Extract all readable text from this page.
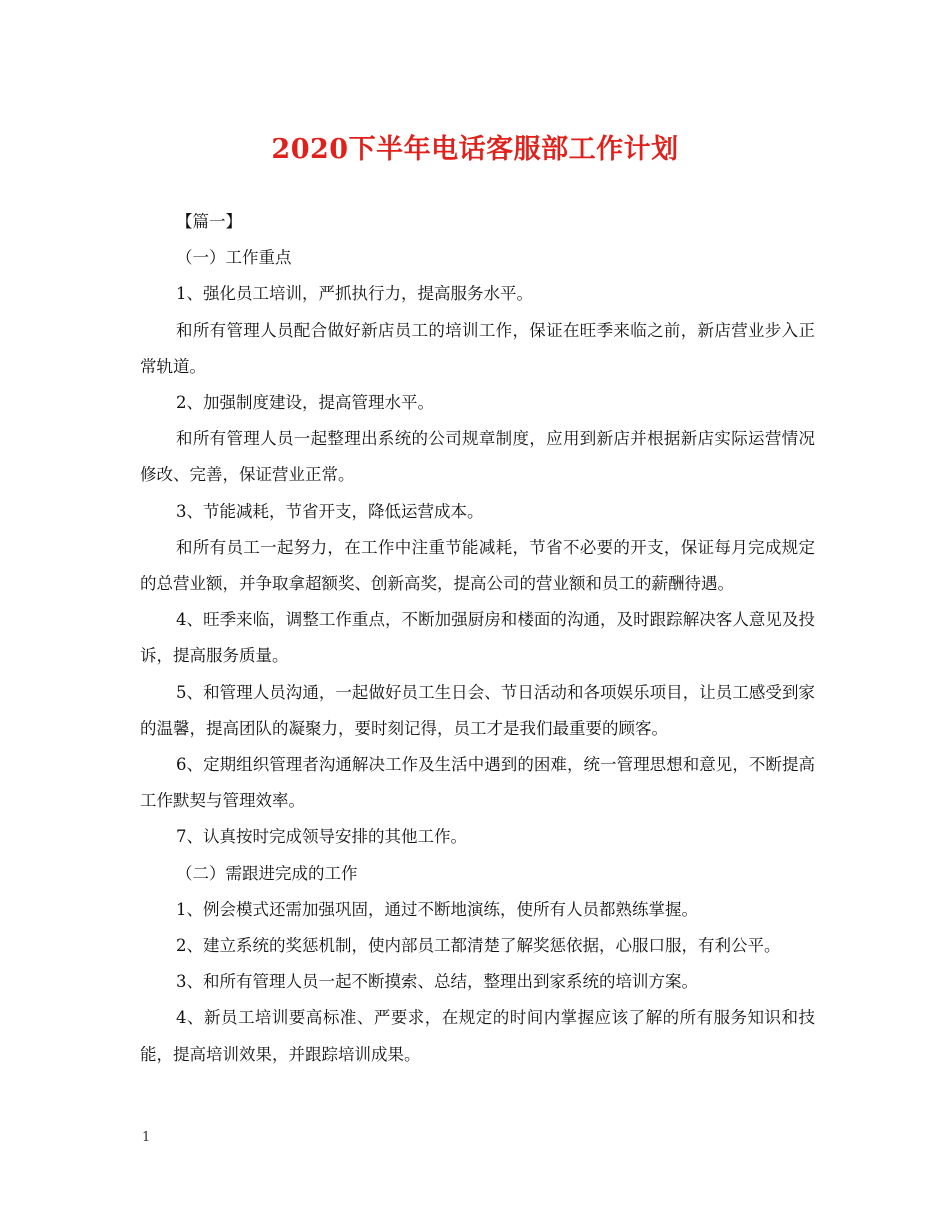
2020下半年电话客服部工作计划

【篇一】

（一）工作重点

1、强化员工培训，严抓执行力，提高服务水平。

和所有管理人员配合做好新店员工的培训工作，保证在旺季来临之前，新店营业步入正常轨道。

2、加强制度建设，提高管理水平。

和所有管理人员一起整理出系统的公司规章制度，应用到新店并根据新店实际运营情况修改、完善，保证营业正常。

3、节能减耗，节省开支，降低运营成本。

和所有员工一起努力，在工作中注重节能减耗，节省不必要的开支，保证每月完成规定的总营业额，并争取拿超额奖、创新高奖，提高公司的营业额和员工的薪酬待遇。

4、旺季来临，调整工作重点，不断加强厨房和楼面的沟通，及时跟踪解决客人意见及投诉，提高服务质量。

5、和管理人员沟通，一起做好员工生日会、节日活动和各项娱乐项目，让员工感受到家的温馨，提高团队的凝聚力，要时刻记得，员工才是我们最重要的顾客。

6、定期组织管理者沟通解决工作及生活中遇到的困难，统一管理思想和意见，不断提高工作默契与管理效率。

7、认真按时完成领导安排的其他工作。

（二）需跟进完成的工作

1、例会模式还需加强巩固，通过不断地演练，使所有人员都熟练掌握。

2、建立系统的奖惩机制，使内部员工都清楚了解奖惩依据，心服口服，有利公平。

3、和所有管理人员一起不断摸索、总结，整理出到家系统的培训方案。

4、新员工培训要高标准、严要求，在规定的时间内掌握应该了解的所有服务知识和技能，提高培训效果，并跟踪培训成果。

1
